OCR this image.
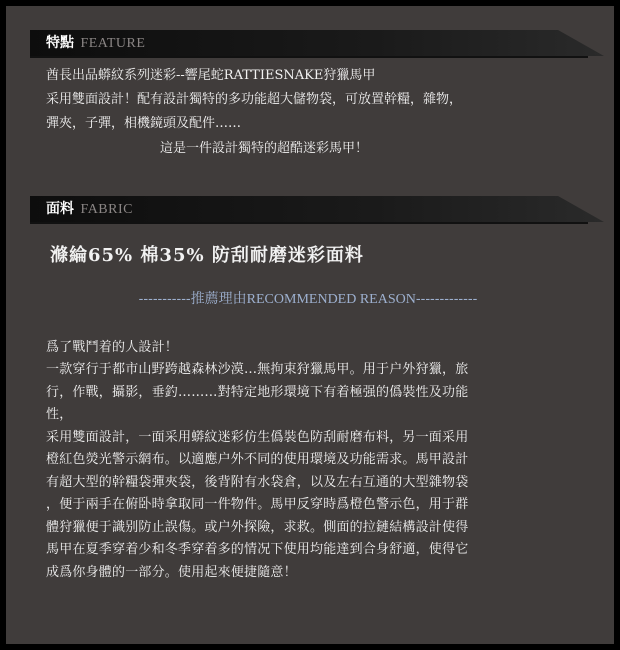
特點 FEATURE
酋長出品蟒紋系列迷彩--響尾蛇RATTIESNAKE狩獵馬甲
采用雙面設計！配有設計獨特的多功能超大儲物袋，可放置幹糧，雜物，
彈夾，子彈，相機鏡頭及配件……
這是一件設計獨特的超酷迷彩馬甲！
面料 FABRIC
滌綸65% 棉35% 防刮耐磨迷彩面料
-----------推薦理由RECOMMENDED REASON-------------
爲了戰鬥着的人設計！
一款穿行于都市山野跨越森林沙漠…無拘束狩獵馬甲。用于户外狩獵，旅
行，作戰，攝影，垂釣………對特定地形環境下有着極强的僞裝性及功能
性，
采用雙面設計，一面采用蟒紋迷彩仿生僞裝色防刮耐磨布料，另一面采用
橙紅色熒光警示網布。以適應户外不同的使用環境及功能需求。馬甲設計
有超大型的幹糧袋彈夾袋，後背附有水袋倉，以及左右互通的大型雜物袋
，便于兩手在俯卧時拿取同一件物件。馬甲反穿時爲橙色警示色，用于群
體狩獵便于識别防止誤傷。或户外探險，求救。側面的拉鏈結構設計使得
馬甲在夏季穿着少和冬季穿着多的情况下使用均能達到合身舒適，使得它
成爲你身體的一部分。使用起來便捷隨意！
